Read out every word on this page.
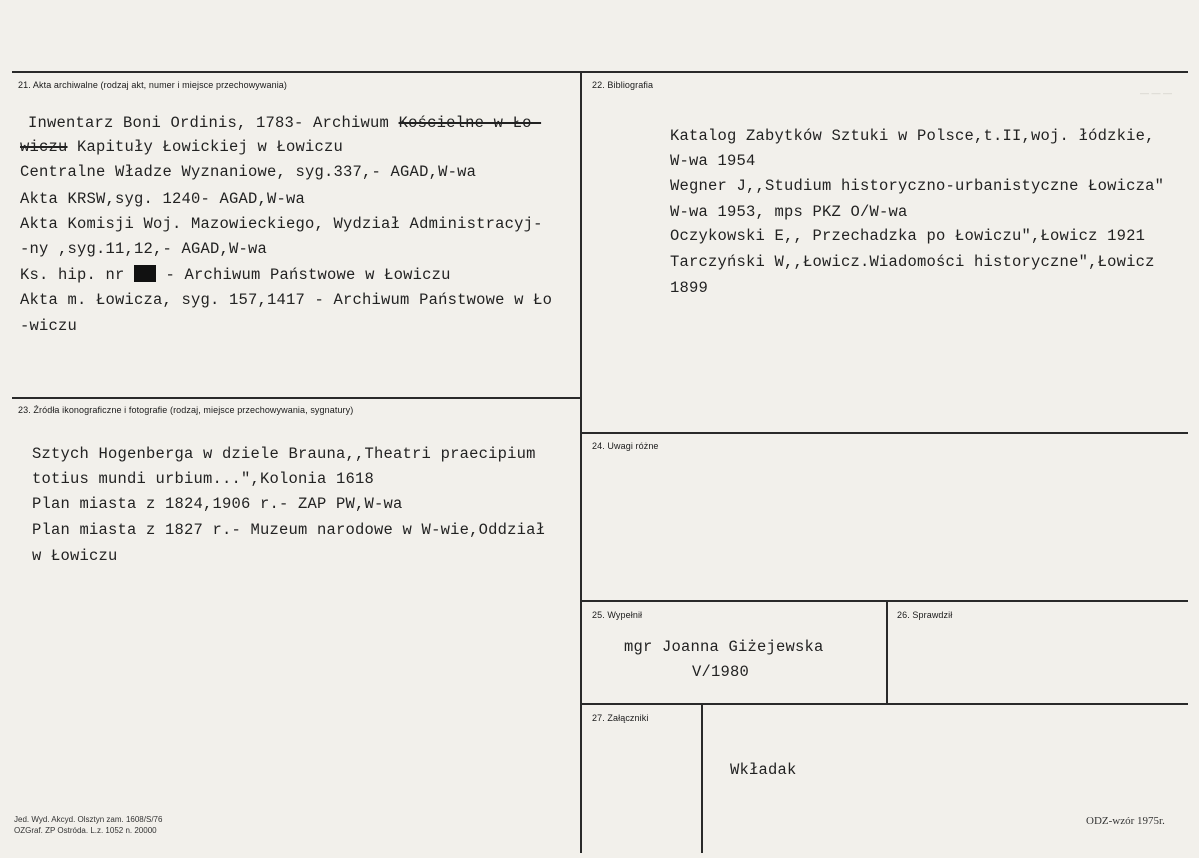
— — —
21. Akta archiwalne (rodzaj akt, numer i miejsce przechowywania)
Inwentarz Boni Ordinis, 1783- Archiwum Kościelne w Ło-
wiczu Kapituły Łowickiej w Łowiczu
Centralne Władze Wyznaniowe, syg.337,- AGAD,W-wa
Akta KRSW,syg. 1240- AGAD,W-wa
Akta Komisji Woj. Mazowieckiego, Wydział Administracyj-
-ny ,syg.11,12,- AGAD,W-wa
Ks. hip. nr  - Archiwum Państwowe w Łowiczu
Akta m. Łowicza, syg. 157,1417 - Archiwum Państwowe w Ło
-wiczu
22. Bibliografia
Katalog Zabytków Sztuki w Polsce,t.II,woj. łódzkie,
W-wa 1954
Wegner J,,Studium historyczno-urbanistyczne Łowicza"
W-wa 1953, mps PKZ O/W-wa
Oczykowski E,, Przechadzka po Łowiczu",Łowicz 1921
Tarczyński W,,Łowicz.Wiadomości historyczne",Łowicz
1899
23. Źródła ikonograficzne i fotografie (rodzaj, miejsce przechowywania, sygnatury)
Sztych Hogenberga w dziele Brauna,,Theatri praecipium
totius mundi urbium...",Kolonia 1618
Plan miasta z 1824,1906 r.- ZAP PW,W-wa
Plan miasta z 1827 r.- Muzeum narodowe w W-wie,Oddział
w Łowiczu
24. Uwagi różne
25. Wypełnił
mgr Joanna Giżejewska
V/1980
26. Sprawdził
27. Załączniki
Wkładak
Jed. Wyd. Akcyd. Olsztyn zam. 1608/S/76
OZGraf. ZP Ostróda. L.z. 1052 n. 20000
ODZ-wzór 1975r.
